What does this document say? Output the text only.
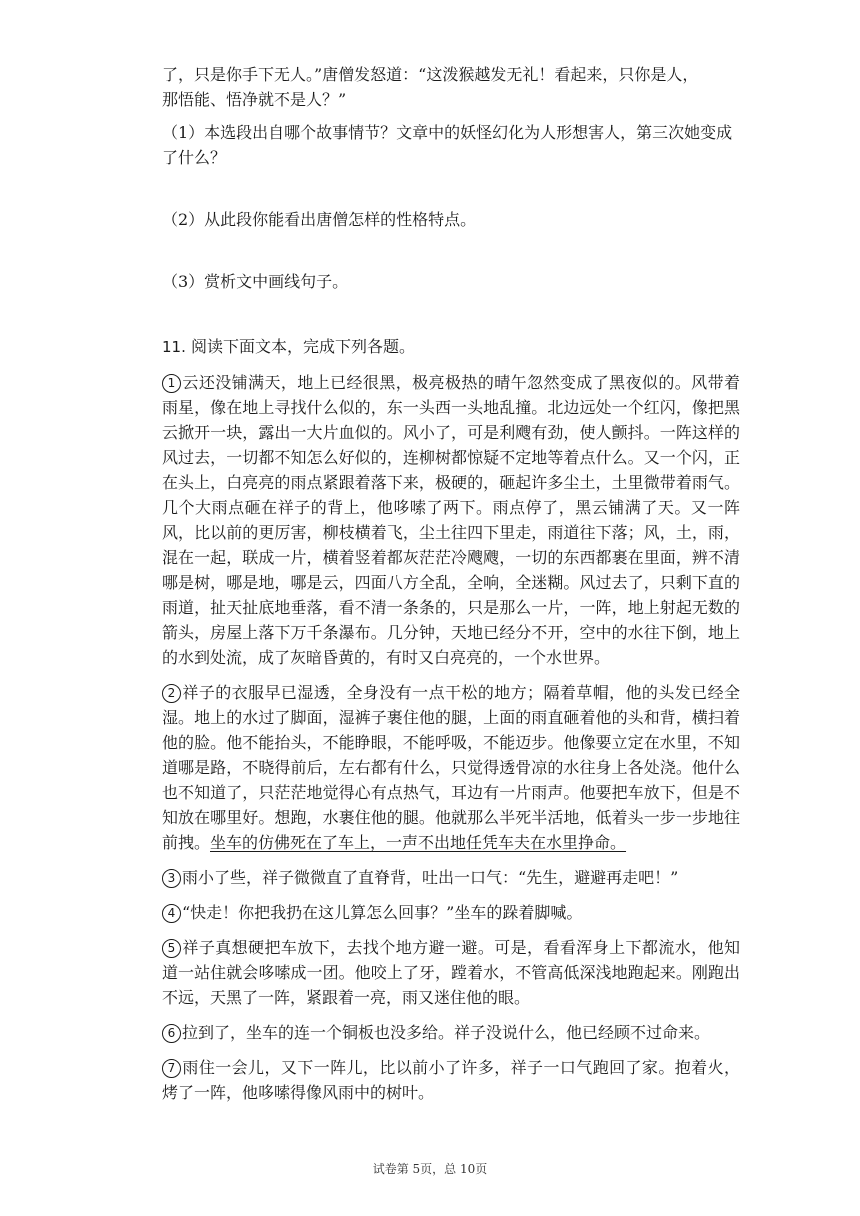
了，只是你手下无人。”唐僧发怒道：“这泼猴越发无礼！看起来，只你是人，
那悟能、悟净就不是人？”

（1）本选段出自哪个故事情节？文章中的妖怪幻化为人形想害人，第三次她变成了什么？

（2）从此段你能看出唐僧怎样的性格特点。

（3）赏析文中画线句子。

11. 阅读下面文本，完成下列各题。

1 云还没铺满天，地上已经很黑，极亮极热的晴午忽然变成了黑夜似的。风带着雨星，像在地上寻找什么似的，东一头西一头地乱撞。北边远处一个红闪，像把黑云掀开一块，露出一大片血似的。风小了，可是利飕有劲，使人颤抖。一阵这样的风过去，一切都不知怎么好似的，连柳树都惊疑不定地等着点什么。又一个闪，正在头上，白亮亮的雨点紧跟着落下来，极硬的，砸起许多尘土，土里微带着雨气。几个大雨点砸在祥子的背上，他哆嗦了两下。雨点停了，黑云铺满了天。又一阵风，比以前的更厉害，柳枝横着飞，尘土往四下里走，雨道往下落；风，土，雨，混在一起，联成一片，横着竖着都灰茫茫冷飕飕，一切的东西都裹在里面，辨不清哪是树，哪是地，哪是云，四面八方全乱，全响，全迷糊。风过去了，只剩下直的雨道，扯天扯底地垂落，看不清一条条的，只是那么一片，一阵，地上射起无数的箭头，房屋上落下万千条瀑布。几分钟，天地已经分不开，空中的水往下倒，地上的水到处流，成了灰暗昏黄的，有时又白亮亮的，一个水世界。

2 祥子的衣服早已湿透，全身没有一点干松的地方；隔着草帽，他的头发已经全湿。地上的水过了脚面，湿裤子裹住他的腿，上面的雨直砸着他的头和背，横扫着他的脸。他不能抬头，不能睁眼，不能呼吸，不能迈步。他像要立定在水里，不知道哪是路，不晓得前后，左右都有什么，只觉得透骨凉的水往身上各处浇。他什么也不知道了，只茫茫地觉得心有点热气，耳边有一片雨声。他要把车放下，但是不知放在哪里好。想跑，水裹住他的腿。他就那么半死半活地，低着头一步一步地往前拽。坐车的仿佛死在了车上，一声不出地任凭车夫在水里挣命。

3 雨小了些，祥子微微直了直脊背，吐出一口气：“先生，避避再走吧！”

4 “快走！你把我扔在这儿算怎么回事？”坐车的跺着脚喊。

5 祥子真想硬把车放下，去找个地方避一避。可是，看看浑身上下都流水，他知道一站住就会哆嗦成一团。他咬上了牙，蹚着水，不管高低深浅地跑起来。刚跑出不远，天黑了一阵，紧跟着一亮，雨又迷住他的眼。

6 拉到了，坐车的连一个铜板也没多给。祥子没说什么，他已经顾不过命来。

7 雨住一会儿，又下一阵儿，比以前小了许多，祥子一口气跑回了家。抱着火，烤了一阵，他哆嗦得像风雨中的树叶。

试卷第 5页，总 10页
